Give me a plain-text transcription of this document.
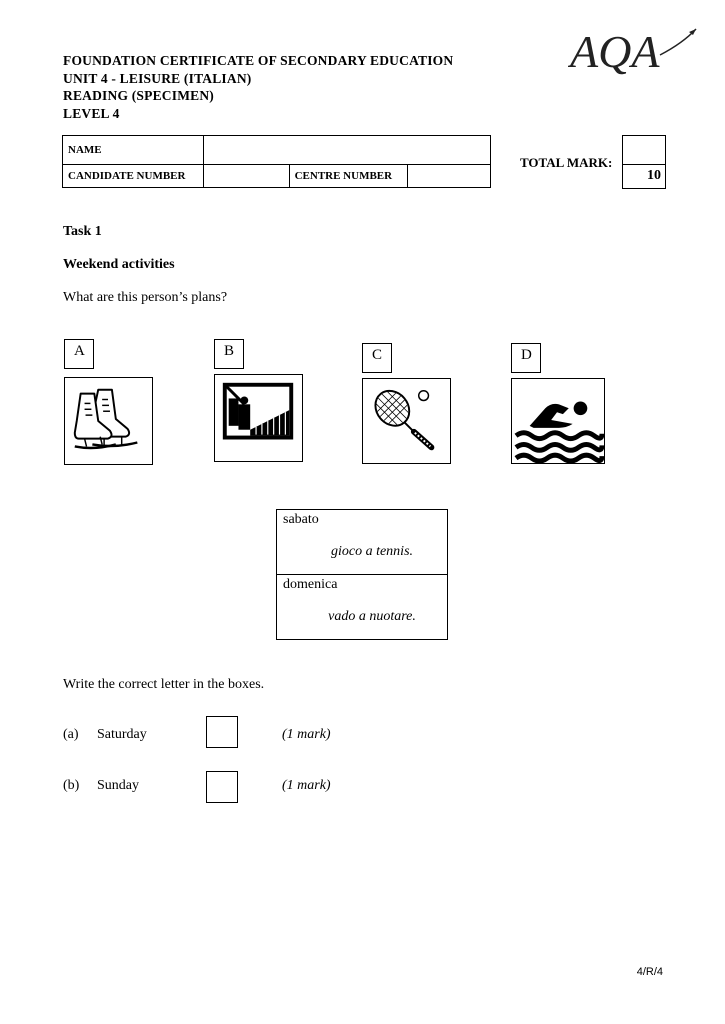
FOUNDATION CERTIFICATE OF SECONDARY EDUCATION
UNIT 4 - LEISURE (ITALIAN)
READING (SPECIMEN)
LEVEL 4
AQA
NAME			
CANDIDATE NUMBER		CENTRE NUMBER	
TOTAL MARK:
10
Task 1
Weekend activities
What are this person’s plans?
A	B	C	D
sabato
gioco a tennis.

domenica
vado a nuotare.
Write the correct letter in the boxes.
(a) Saturday	(1 mark)
(b) Sunday	(1 mark)
4/R/4
